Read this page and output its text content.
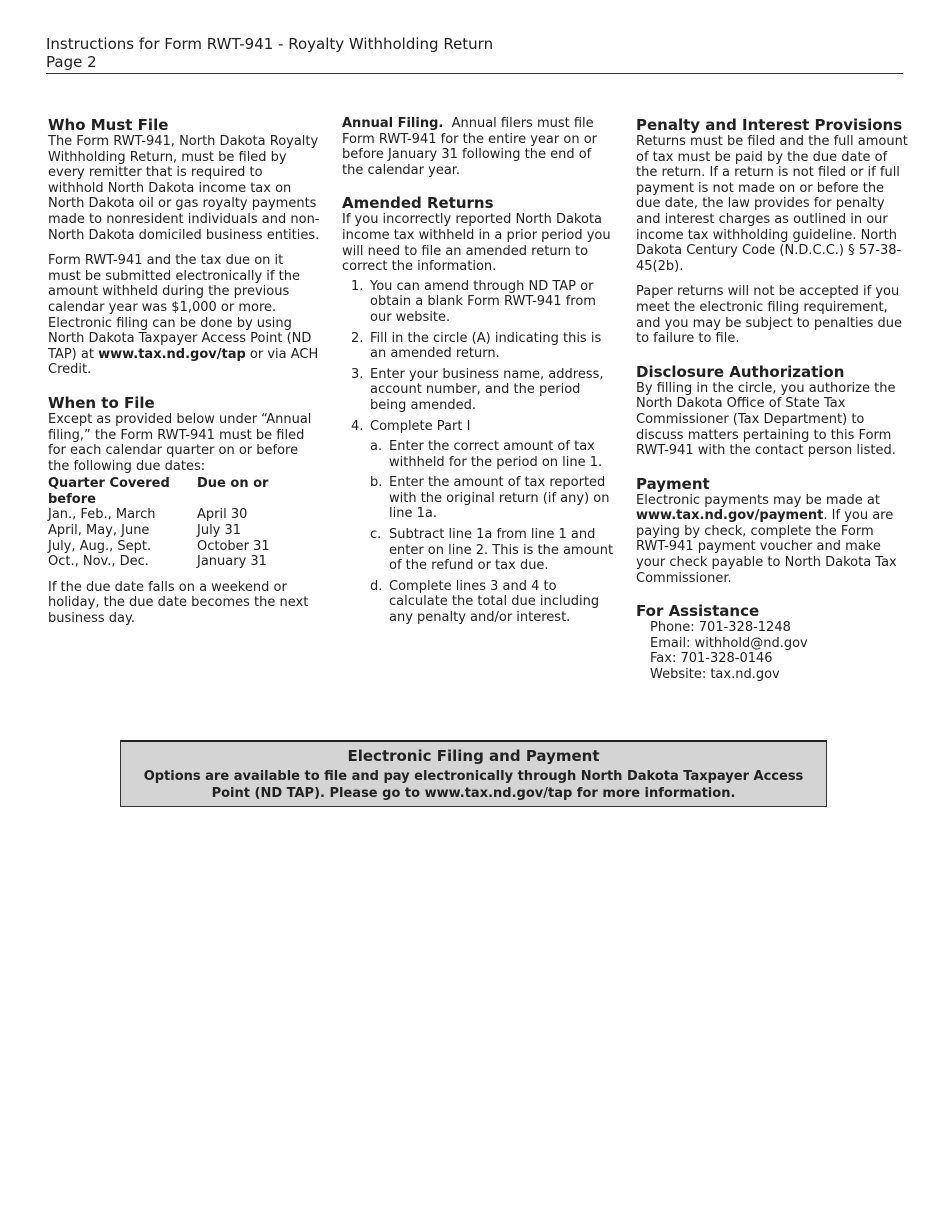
Instructions for Form RWT-941 - Royalty Withholding Return
Page 2
Who Must File

The Form RWT-941, North Dakota Royalty Withholding Return, must be filed by every remitter that is required to withhold North Dakota income tax on North Dakota oil or gas royalty payments made to nonresident individuals and non-North Dakota domiciled business entities.

Form RWT-941 and the tax due on it must be submitted electronically if the amount withheld during the previous calendar year was $1,000 or more. Electronic filing can be done by using North Dakota Taxpayer Access Point (ND TAP) at www.tax.nd.gov/tap or via ACH Credit.

When to File

Except as provided below under “Annual filing,” the Form RWT-941 must be filed for each calendar quarter on or before the following due dates:

Quarter Covered before	Due on or
Jan., Feb., March	April 30
April, May, June	July 31
July, Aug., Sept.	October 31
Oct., Nov., Dec.	January 31

If the due date falls on a weekend or holiday, the due date becomes the next business day.

Annual Filing. Annual filers must file Form RWT-941 for the entire year on or before January 31 following the end of the calendar year.

Amended Returns

If you incorrectly reported North Dakota income tax withheld in a prior period you will need to file an amended return to correct the information.

1. You can amend through ND TAP or obtain a blank Form RWT-941 from our website.
2. Fill in the circle (A) indicating this is an amended return.
3. Enter your business name, address, account number, and the period being amended.
4. Complete Part I
a. Enter the correct amount of tax withheld for the period on line 1.
b. Enter the amount of tax reported with the original return (if any) on line 1a.
c. Subtract line 1a from line 1 and enter on line 2. This is the amount of the refund or tax due.
d. Complete lines 3 and 4 to calculate the total due including any penalty and/or interest.
Penalty and Interest Provisions

Returns must be filed and the full amount of tax must be paid by the due date of the return. If a return is not filed or if full payment is not made on or before the due date, the law provides for penalty and interest charges as outlined in our income tax withholding guideline. North Dakota Century Code (N.D.C.C.) § 57-38-45(2b).

Paper returns will not be accepted if you meet the electronic filing requirement, and you may be subject to penalties due to failure to file.

Disclosure Authorization

By filling in the circle, you authorize the North Dakota Office of State Tax Commissioner (Tax Department) to discuss matters pertaining to this Form RWT-941 with the contact person listed.

Payment

Electronic payments may be made at www.tax.nd.gov/payment. If you are paying by check, complete the Form RWT-941 payment voucher and make your check payable to North Dakota Tax Commissioner.

For Assistance
Phone: 701-328-1248
Email: withhold@nd.gov
Fax: 701-328-0146
Website: tax.nd.gov
Electronic Filing and Payment
Options are available to file and pay electronically through North Dakota Taxpayer Access Point (ND TAP). Please go to www.tax.nd.gov/tap for more information.
